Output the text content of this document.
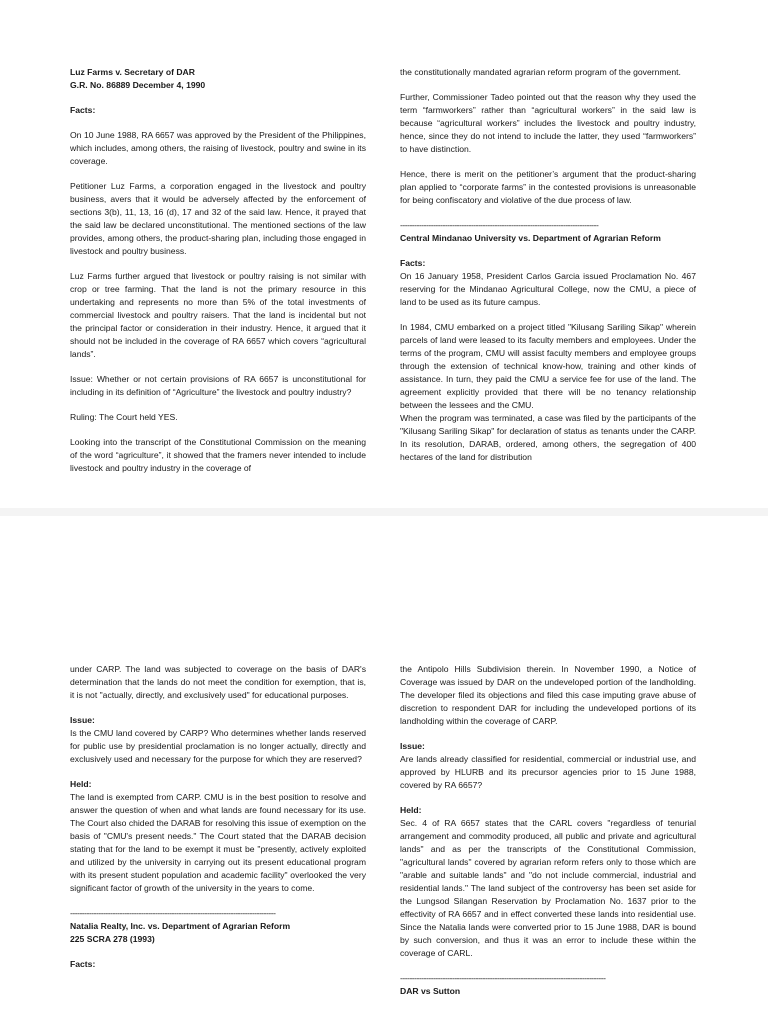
Luz Farms v. Secretary of DAR
G.R. No. 86889 December 4, 1990

Facts:

On 10 June 1988, RA 6657 was approved by the President of the Philippines, which includes, among others, the raising of livestock, poultry and swine in its coverage.

Petitioner Luz Farms, a corporation engaged in the livestock and poultry business, avers that it would be adversely affected by the enforcement of sections 3(b), 11, 13, 16 (d), 17 and 32 of the said law. Hence, it prayed that the said law be declared unconstitutional. The mentioned sections of the law provides, among others, the product-sharing plan, including those engaged in livestock and poultry business.

Luz Farms further argued that livestock or poultry raising is not similar with crop or tree farming. That the land is not the primary resource in this undertaking and represents no more than 5% of the total investments of commercial livestock and poultry raisers. That the land is incidental but not the principal factor or consideration in their industry. Hence, it argued that it should not be included in the coverage of RA 6657 which covers “agricultural lands”.

Issue: Whether or not certain provisions of RA 6657 is unconstitutional for including in its definition of “Agriculture” the livestock and poultry industry?

Ruling: The Court held YES.

Looking into the transcript of the Constitutional Commission on the meaning of the word “agriculture”, it showed that the framers never intended to include livestock and poultry industry in the coverage of

the constitutionally mandated agrarian reform program of the government.

Further, Commissioner Tadeo pointed out that the reason why they used the term “farmworkers” rather than “agricultural workers” in the said law is because “agricultural workers” includes the livestock and poultry industry, hence, since they do not intend to include the latter, they used “farmworkers” to have distinction.

Hence, there is merit on the petitioner’s argument that the product-sharing plan applied to “corporate farms” in the contested provisions is unreasonable for being confiscatory and violative of the due process of law.

------------------------------------------------------------------------------------

Central Mindanao University vs. Department of Agrarian Reform

Facts:

On 16 January 1958, President Carlos Garcia issued Proclamation No. 467 reserving for the Mindanao Agricultural College, now the CMU, a piece of land to be used as its future campus.

In 1984, CMU embarked on a project titled "Kilusang Sariling Sikap" wherein parcels of land were leased to its faculty members and employees. Under the terms of the program, CMU will assist faculty members and employee groups through the extension of technical know-how, training and other kinds of assistance. In turn, they paid the CMU a service fee for use of the land. The agreement explicitly provided that there will be no tenancy relationship between the lessees and the CMU.

When the program was terminated, a case was filed by the participants of the "Kilusang Sariling Sikap" for declaration of status as tenants under the CARP. In its resolution, DARAB, ordered, among others, the segregation of 400 hectares of the land for distribution

under CARP. The land was subjected to coverage on the basis of DAR's determination that the lands do not meet the condition for exemption, that is, it is not "actually, directly, and exclusively used" for educational purposes.

Issue:

Is the CMU land covered by CARP? Who determines whether lands reserved for public use by presidential proclamation is no longer actually, directly and exclusively used and necessary for the purpose for which they are reserved?

Held:

The land is exempted from CARP. CMU is in the best position to resolve and answer the question of when and what lands are found necessary for its use. The Court also chided the DARAB for resolving this issue of exemption on the basis of "CMU's present needs." The Court stated that the DARAB decision stating that for the land to be exempt it must be "presently, actively exploited and utilized by the university in carrying out its present educational program with its present student population and academic facility" overlooked the very significant factor of growth of the university in the years to come.

---------------------------------------------------------------------------------------

Natalia Realty, Inc. vs. Department of Agrarian Reform
225 SCRA 278 (1993)

Facts:

the Antipolo Hills Subdivision therein. In November 1990, a Notice of Coverage was issued by DAR on the undeveloped portion of the landholding. The developer filed its objections and filed this case imputing grave abuse of discretion to respondent DAR for including the undeveloped portions of its landholding within the coverage of CARP.

Issue:

Are lands already classified for residential, commercial or industrial use, and approved by HLURB and its precursor agencies prior to 15 June 1988, covered by RA 6657?

Held:

Sec. 4 of RA 6657 states that the CARL covers "regardless of tenurial arrangement and commodity produced, all public and private and agricultural lands" and as per the transcripts of the Constitutional Commission, "agricultural lands" covered by agrarian reform refers only to those which are "arable and suitable lands" and "do not include commercial, industrial and residential lands." The land subject of the controversy has been set aside for the Lungsod Silangan Reservation by Proclamation No. 1637 prior to the effectivity of RA 6657 and in effect converted these lands into residential use. Since the Natalia lands were converted prior to 15 June 1988, DAR is bound by such conversion, and thus it was an error to include these within the coverage of CARL.

---------------------------------------------------------------------------------------

DAR vs Sutton
